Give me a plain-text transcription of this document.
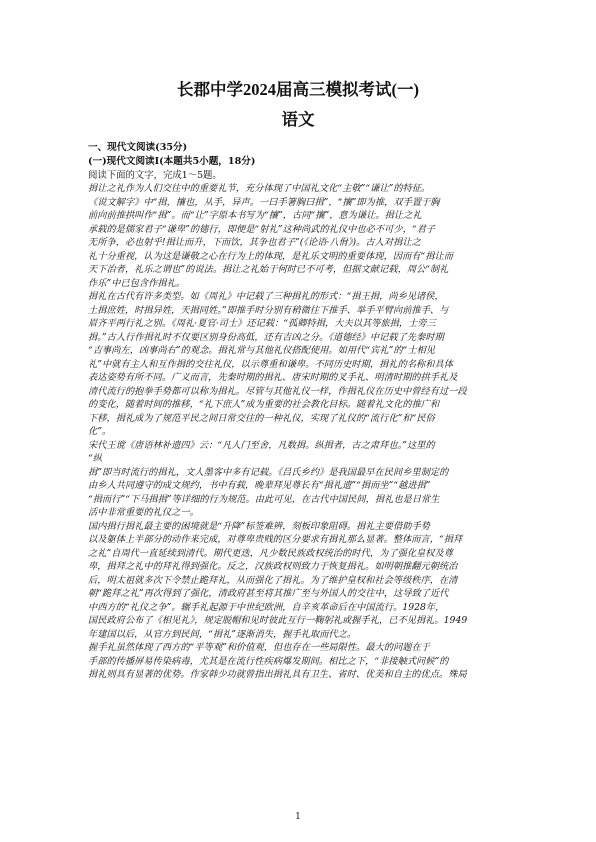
长郡中学2024届高三模拟考试(一)
语文
一、现代文阅读(35分)
(一)现代文阅读I(本题共5小题，18分)
阅读下面的文字，完成1～5题。
揖让之礼作为人们交往中的重要礼节，充分体现了中国礼文化“主敬”“谦让”的特征。
《说文解字》中“揖，攘也，从手，异声。一曰手箸胸曰揖”，“攘”即为推，双手置于胸
前向前推拱叫作“揖”。而“让”字原本书写为“攘”，古同“攘”，意为谦让。揖让之礼
承载的是儒家君子“谦卑”的德行，即便是“射礼”这种尚武的礼仪中也必不可少，“君子
无所争，必也射乎!揖让而升，下而饮，其争也君子”(《论语·八佾》)。古人对揖让之
礼十分重视，认为这是谦敬之心在行为上的体现，是礼乐文明的重要体现，因而有“揖让而
天下治者，礼乐之谓也”的说法。揖让之礼始于何时已不可考，但据文献记载，周公“制礼
作乐”中已包含作揖礼。
揖礼在古代有许多类型。如《周礼》中记载了三种揖礼的形式：“揖王揖，尚乡见诸侯，
土揖庶姓，时揖异姓，天揖同姓。”即推手时分别有稍微往下推手、举手平臂向前推手、与
眉齐平两行礼之别。《周礼·夏官·司士》还记载：“孤卿特揖，大夫以其等旅揖，士旁三
揖。”古人行作揖礼时不仅要区别身份高低，还有吉凶之分。《道德经》中记载了先秦时期
“吉事尚左，凶事尚右”的观念。揖礼常与其他礼仪搭配使用。如用代“宾礼”的“士相见
礼”中就有主人和互作揖的交往礼仪，以示尊重和谦卑。不同历史时期，揖礼的名称和具体
表达姿势有所不同。广义而言，先秦时期的揖礼、唐宋时期的叉手礼、明清时期的拱手礼及
清代流行的抱拳手势都可以称为揖礼。尽管与其他礼仪一样，作揖礼仪在历史中曾经有过一段
的变化，随着时间的推移，“礼下庶人”成为重要的社会教化目标。随着礼文化的推广和
下移，揖礼成为了规范平民之间日常交往的一种礼仪，实现了礼仪的“流行化”和“民俗
化”。
宋代王谠《唐语林补遗四》云：“凡人门至舍，凡数揖。纵揖者，古之肃拜也。”这里的
“纵
揖”即当时流行的揖礼，文人墨客中多有记载。《吕氏乡约》是我国最早在民间乡里制定的
由乡人共同遵守的成文规约，书中有载，晚辈拜见尊长有“揖礼遗”“揖而坐”“越进揖”
“揖而行”“下马揖揖”等详细的行为规范。由此可见，在古代中国民间，揖礼也是日常生
活中非常重要的礼仪之一。
国内揖行揖礼最主要的困境就是“升降”标签难辨，刻板印象阻碍。揖礼主要借助手势
以及躯体上半部分的动作来完成，对尊卑贵贱的区分要求有揖礼那么显著。整体而言，“揖拜
之礼”自周代一直延续到清代。期代更迭，凡少数民族政权统治的时代，为了强化皇权及尊
卑，揖拜之礼中的拜礼得到强化。反之，汉族政权则致力于恢复揖礼。如明朝推翻元朝统治
后，明太祖就多次下令禁止跪拜礼，从而强化了揖礼。为了维护皇权和社会等级秩序，在清
朝“跪拜之礼”再次得到了强化，清政府甚至将其推广至与外国人的交往中，这导致了近代
中西方的“礼仪之争”。辗手礼起源于中世纪欧洲，自辛亥革命后在中国流行。1928年，
国民政府公布了《相见礼》，规定脱帽和见时彼此互行一鞠躬礼或握手礼，已不见揖礼。1949
年建国以后，从官方到民间，“揖礼”逐渐消失，握手礼取而代之。
握手礼虽然体现了西方的“平等观”和价值观，但也存在一些局限性。最大的问题在于
手部的传播屏易传染病毒，尤其是在流行性疾病爆发期间。相比之下，“非接触式问候”的
揖礼则具有显著的优势。作家韩少功就曾指出揖礼具有卫生、省时、优美和自主的优点。殊局
1
